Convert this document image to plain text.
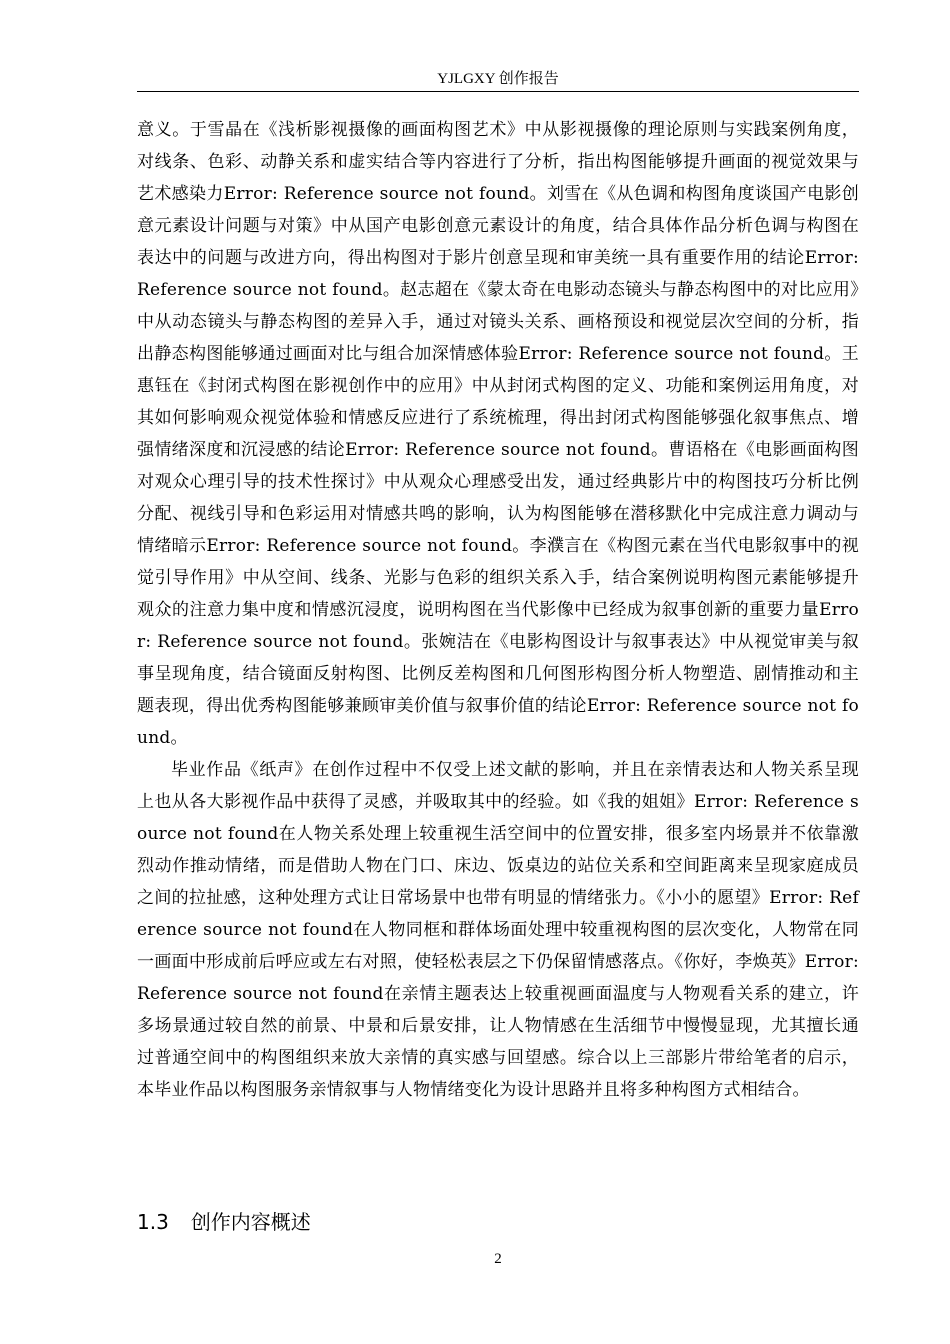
YJLGXY 创作报告

意义。于雪晶在《浅析影视摄像的画面构图艺术》中从影视摄像的理论原则与实践案例角度，对线条、色彩、动静关系和虚实结合等内容进行了分析，指出构图能够提升画面的视觉效果与艺术感染力Error: Reference source not found。刘雪在《从色调和构图角度谈国产电影创意元素设计问题与对策》中从国产电影创意元素设计的角度，结合具体作品分析色调与构图在表达中的问题与改进方向，得出构图对于影片创意呈现和审美统一具有重要作用的结论Error: Reference source not found。赵志超在《蒙太奇在电影动态镜头与静态构图中的对比应用》中从动态镜头与静态构图的差异入手，通过对镜头关系、画格预设和视觉层次空间的分析，指出静态构图能够通过画面对比与组合加深情感体验Error: Reference source not found。王惠钰在《封闭式构图在影视创作中的应用》中从封闭式构图的定义、功能和案例运用角度，对其如何影响观众视觉体验和情感反应进行了系统梳理，得出封闭式构图能够强化叙事焦点、增强情绪深度和沉浸感的结论Error: Reference source not found。曹语格在《电影画面构图对观众心理引导的技术性探讨》中从观众心理感受出发，通过经典影片中的构图技巧分析比例分配、视线引导和色彩运用对情感共鸣的影响，认为构图能够在潜移默化中完成注意力调动与情绪暗示Error: Reference source not found。李濮言在《构图元素在当代电影叙事中的视觉引导作用》中从空间、线条、光影与色彩的组织关系入手，结合案例说明构图元素能够提升观众的注意力集中度和情感沉浸度，说明构图在当代影像中已经成为叙事创新的重要力量Error: Reference source not found。张婉洁在《电影构图设计与叙事表达》中从视觉审美与叙事呈现角度，结合镜面反射构图、比例反差构图和几何图形构图分析人物塑造、剧情推动和主题表现，得出优秀构图能够兼顾审美价值与叙事价值的结论Error: Reference source not found。

毕业作品《纸声》在创作过程中不仅受上述文献的影响，并且在亲情表达和人物关系呈现上也从各大影视作品中获得了灵感，并吸取其中的经验。如《我的姐姐》Error: Reference source not found在人物关系处理上较重视生活空间中的位置安排，很多室内场景并不依靠激烈动作推动情绪，而是借助人物在门口、床边、饭桌边的站位关系和空间距离来呈现家庭成员之间的拉扯感，这种处理方式让日常场景中也带有明显的情绪张力。《小小的愿望》Error: Reference source not found在人物同框和群体场面处理中较重视构图的层次变化，人物常在同一画面中形成前后呼应或左右对照，使轻松表层之下仍保留情感落点。《你好，李焕英》Error: Reference source not found在亲情主题表达上较重视画面温度与人物观看关系的建立，许多场景通过较自然的前景、中景和后景安排，让人物情感在生活细节中慢慢显现，尤其擅长通过普通空间中的构图组织来放大亲情的真实感与回望感。综合以上三部影片带给笔者的启示，本毕业作品以构图服务亲情叙事与人物情绪变化为设计思路并且将多种构图方式相结合。

1.3 创作内容概述
2
